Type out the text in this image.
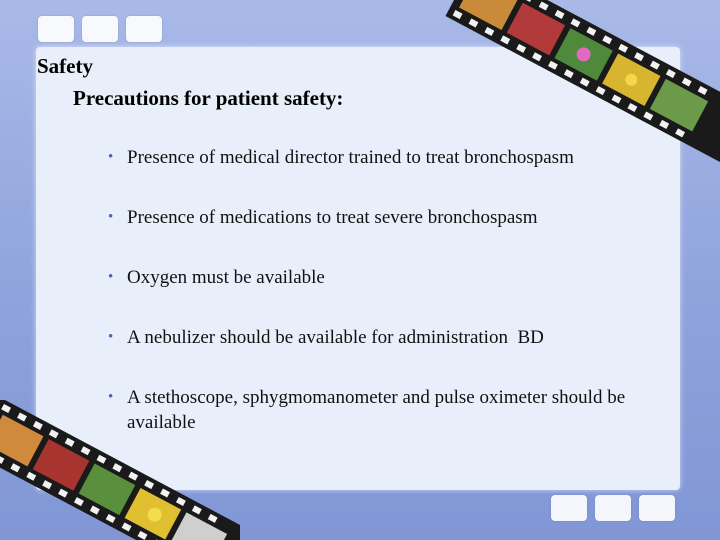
Safety
Precautions for patient safety:
• Presence of medical director trained to treat bronchospasm
• Presence of medications to treat severe bronchospasm
• Oxygen must be available
• A nebulizer should be available for administration  BD
• A stethoscope, sphygmomanometer and pulse oximeter should be available
